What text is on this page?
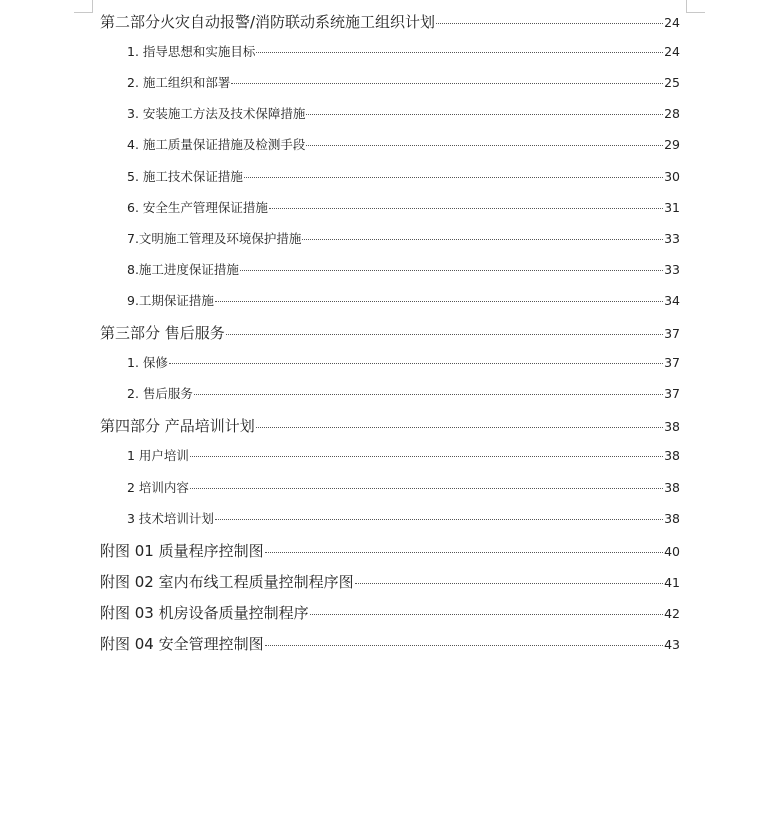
第二部分火灾自动报警/消防联动系统施工组织计划	24
1. 指导思想和实施目标	24
2. 施工组织和部署	25
3. 安装施工方法及技术保障措施	28
4. 施工质量保证措施及检测手段	29
5. 施工技术保证措施	30
6. 安全生产管理保证措施	31
7.文明施工管理及环境保护措施	33
8.施工进度保证措施	33
9.工期保证措施	34
第三部分 售后服务	37
1. 保修	37
2. 售后服务	37
第四部分 产品培训计划	38
1 用户培训	38
2 培训内容	38
3 技术培训计划	38
附图 01 质量程序控制图	40
附图 02 室内布线工程质量控制程序图	41
附图 03 机房设备质量控制程序	42
附图 04 安全管理控制图	43
